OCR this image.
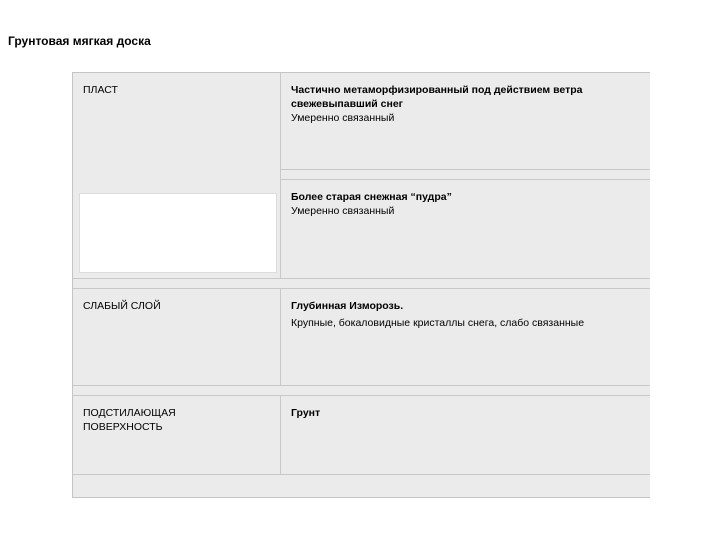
Грунтовая мягкая доска
ПЛАСТ	Частично метаморфизированный под действием ветра свежевыпавший снег
Умеренно связанный
Более старая снежная “пудра”
Умеренно связанный
СЛАБЫЙ СЛОЙ	Глубинная Изморозь.
Крупные, бокаловидные кристаллы снега, слабо связанные
ПОДСТИЛАЮЩАЯ ПОВЕРХНОСТЬ
Грунт
